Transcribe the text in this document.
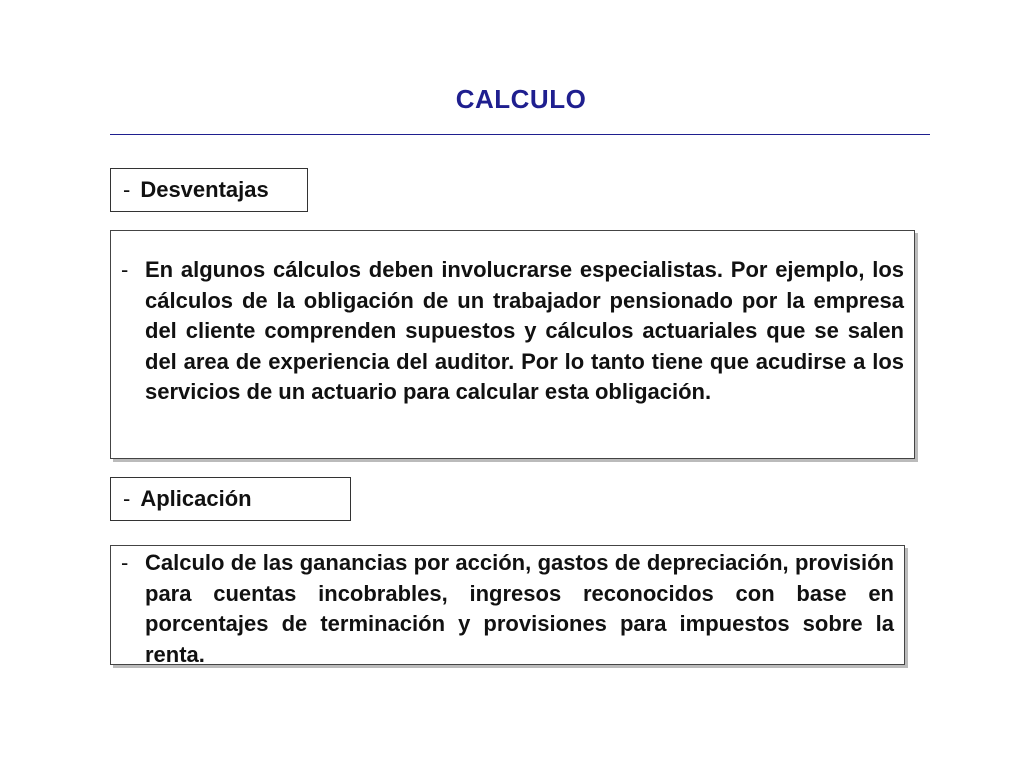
CALCULO
- Desventajas
- En algunos cálculos deben involucrarse especialistas. Por ejemplo, los cálculos de la obligación de un trabajador pensionado por la empresa del cliente comprenden supuestos y cálculos actuariales que se salen del area de experiencia del auditor. Por lo tanto tiene que acudirse a los servicios de un actuario para calcular esta obligación.
- Aplicación
- Calculo de las ganancias por acción, gastos de depreciación, provisión para cuentas incobrables, ingresos reconocidos con base en porcentajes de terminación y provisiones para impuestos sobre la renta.
